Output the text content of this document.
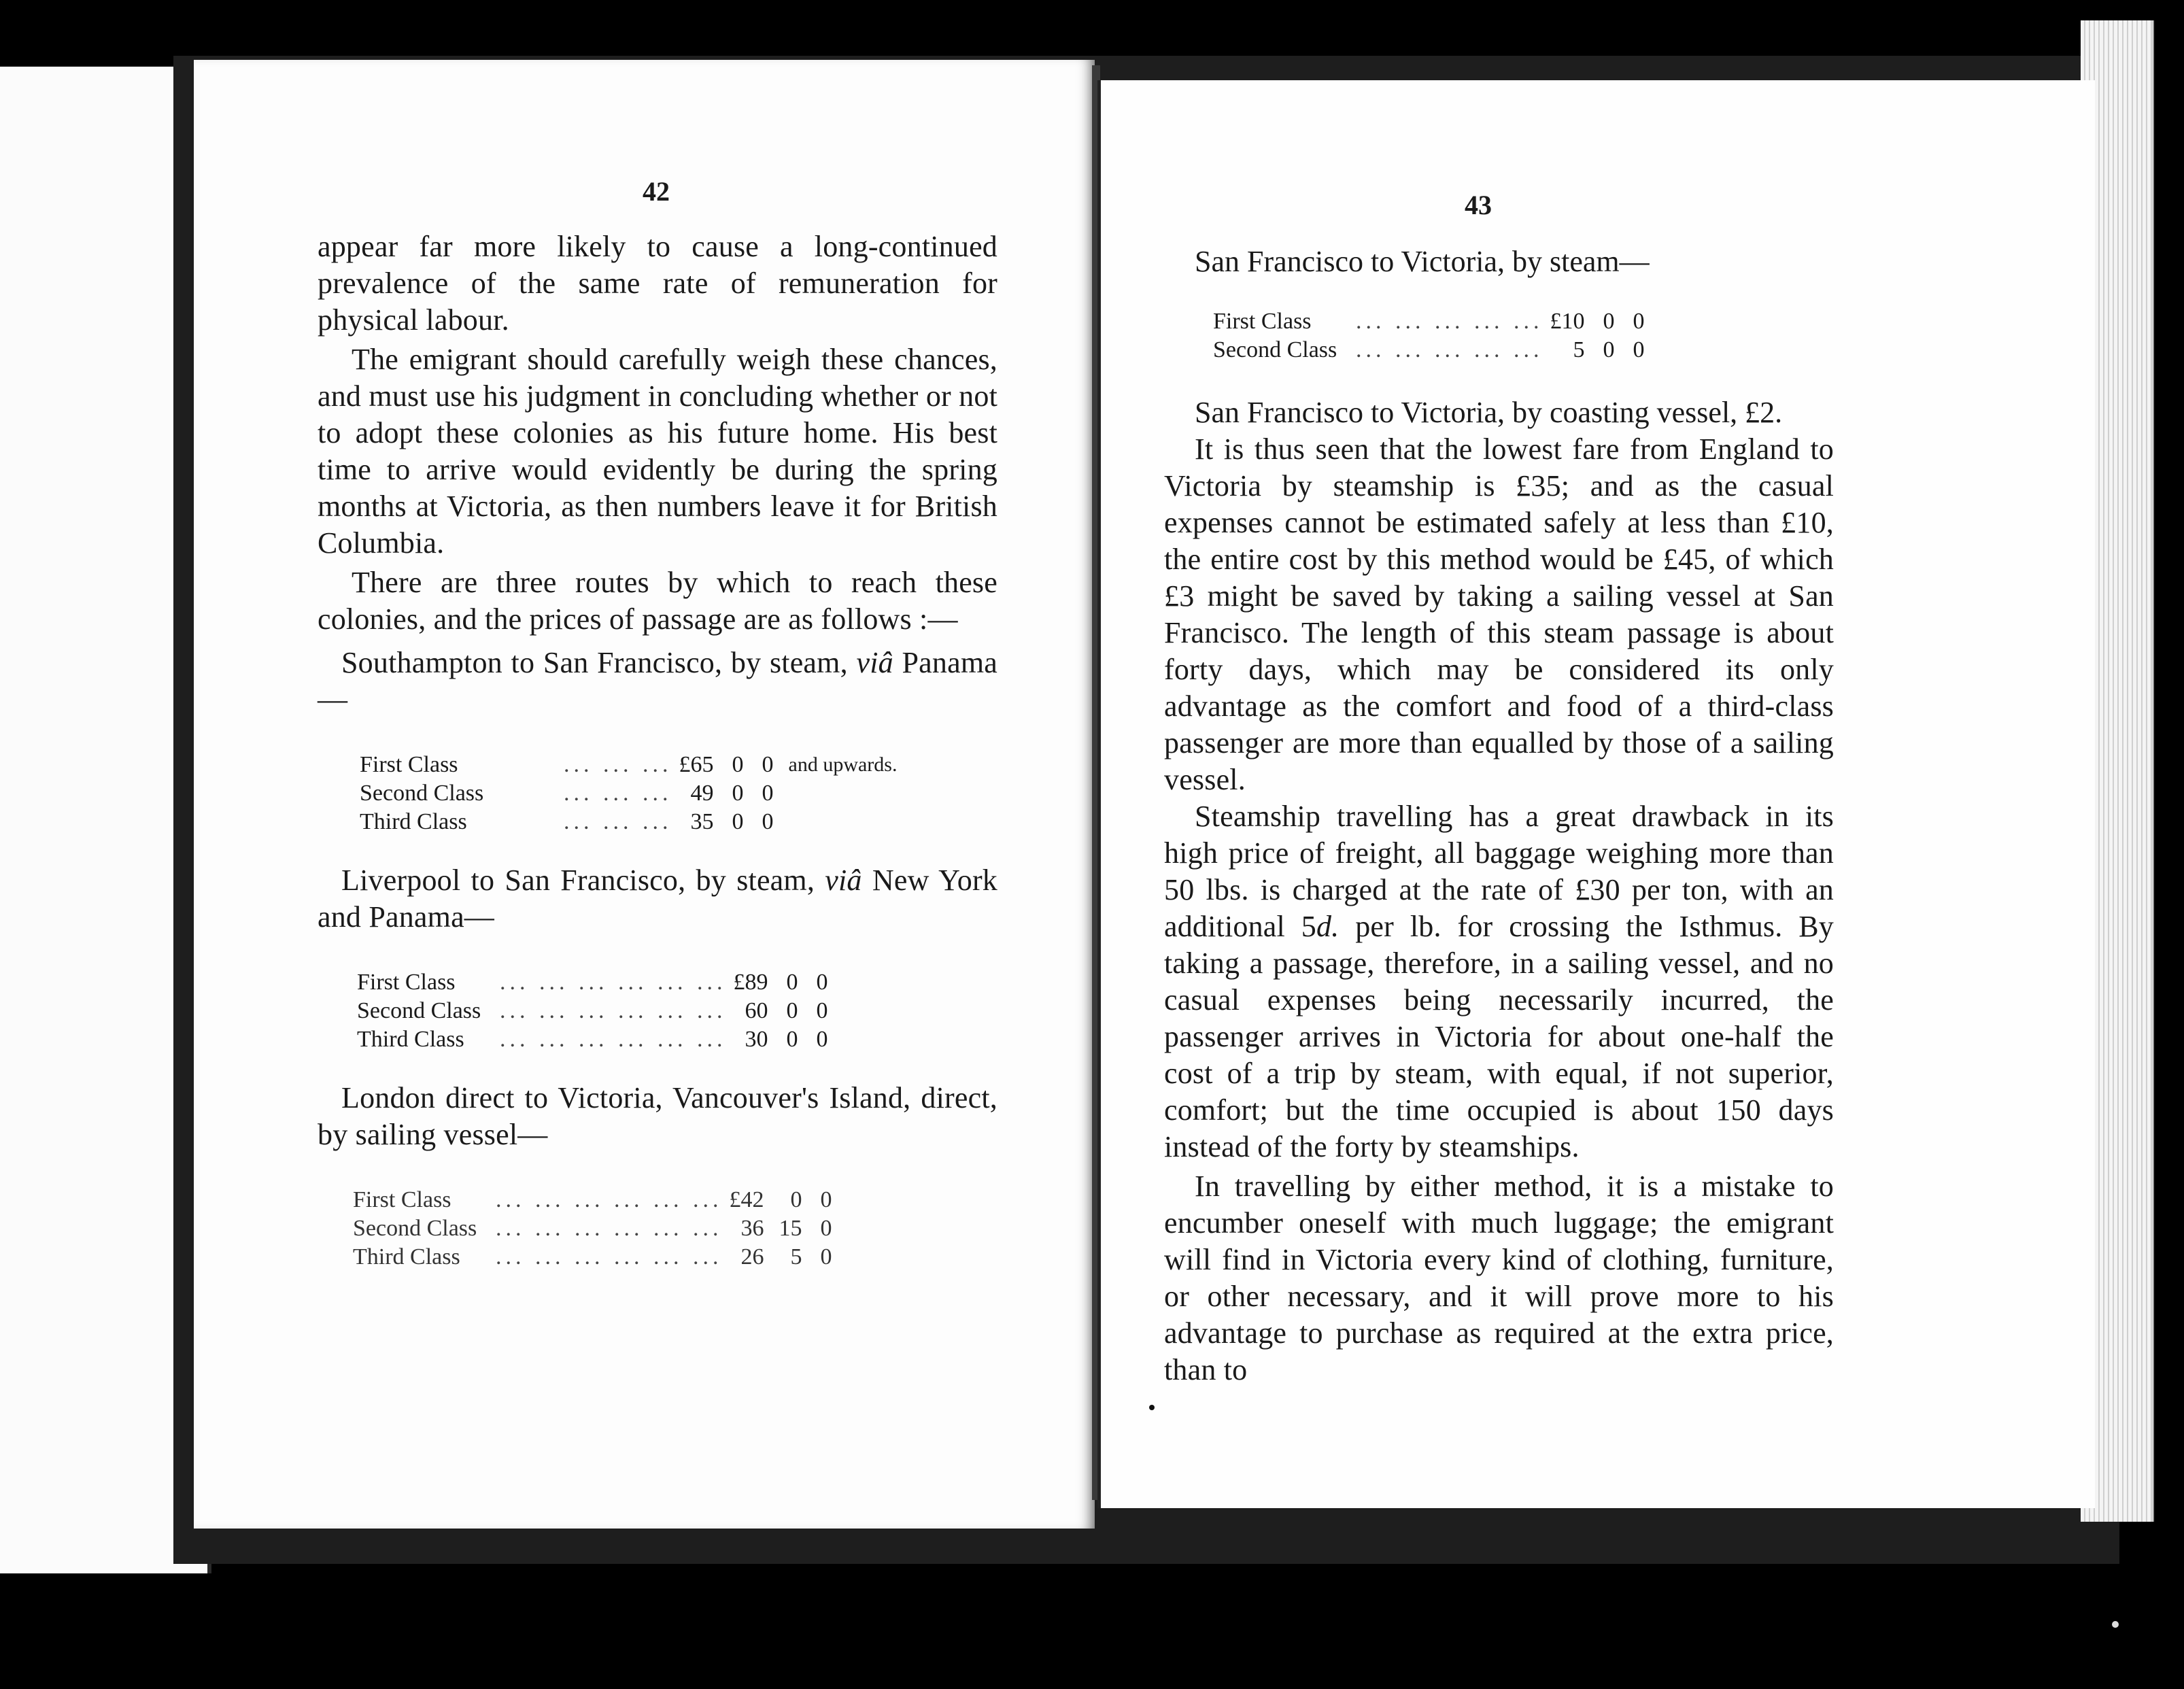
42

appear far more likely to cause a long-continued prevalence of the same rate of remuneration for physical labour.

The emigrant should carefully weigh these chances, and must use his judgment in concluding whether or not to adopt these colonies as his future home. His best time to arrive would evidently be during the spring months at Victoria, as then numbers leave it for British Columbia.

There are three routes by which to reach these colonies, and the prices of passage are as follows :—

Southampton to San Francisco, by steam, viâ Panama—

First Class	... ... ...	£65	0	0	and upwards.
Second Class	... ... ...	49	0	0	
Third Class	... ... ...	35	0	0	

Liverpool to San Francisco, by steam, viâ New York and Panama—

First Class	... ... ... ... ... ...	£89	0	0
Second Class	... ... ... ... ... ...	60	0	0
Third Class	... ... ... ... ... ...	30	0	0

London direct to Victoria, Vancouver's Island, direct, by sailing vessel—

First Class	... ... ... ... ... ...	£42	0	0
Second Class	... ... ... ... ... ...	36	15	0
Third Class	... ... ... ... ... ...	26	5	0
43

San Francisco to Victoria, by steam—

First Class	... ... ... ... ...	£10	0	0
Second Class	... ... ... ... ...	5	0	0

San Francisco to Victoria, by coasting vessel, £2.

It is thus seen that the lowest fare from England to Victoria by steamship is £35; and as the casual expenses cannot be estimated safely at less than £10, the entire cost by this method would be £45, of which £3 might be saved by taking a sailing vessel at San Francisco. The length of this steam passage is about forty days, which may be considered its only advantage as the comfort and food of a third-class passenger are more than equalled by those of a sailing vessel.

Steamship travelling has a great drawback in its high price of freight, all baggage weighing more than 50 lbs. is charged at the rate of £30 per ton, with an additional 5d. per lb. for crossing the Isthmus. By taking a passage, therefore, in a sailing vessel, and no casual expenses being necessarily incurred, the passenger arrives in Victoria for about one-half the cost of a trip by steam, with equal, if not superior, comfort; but the time occupied is about 150 days instead of the forty by steamships.

In travelling by either method, it is a mistake to encumber oneself with much luggage; the emigrant will find in Victoria every kind of clothing, furniture, or other necessary, and it will prove more to his advantage to purchase as required at the extra price, than to
